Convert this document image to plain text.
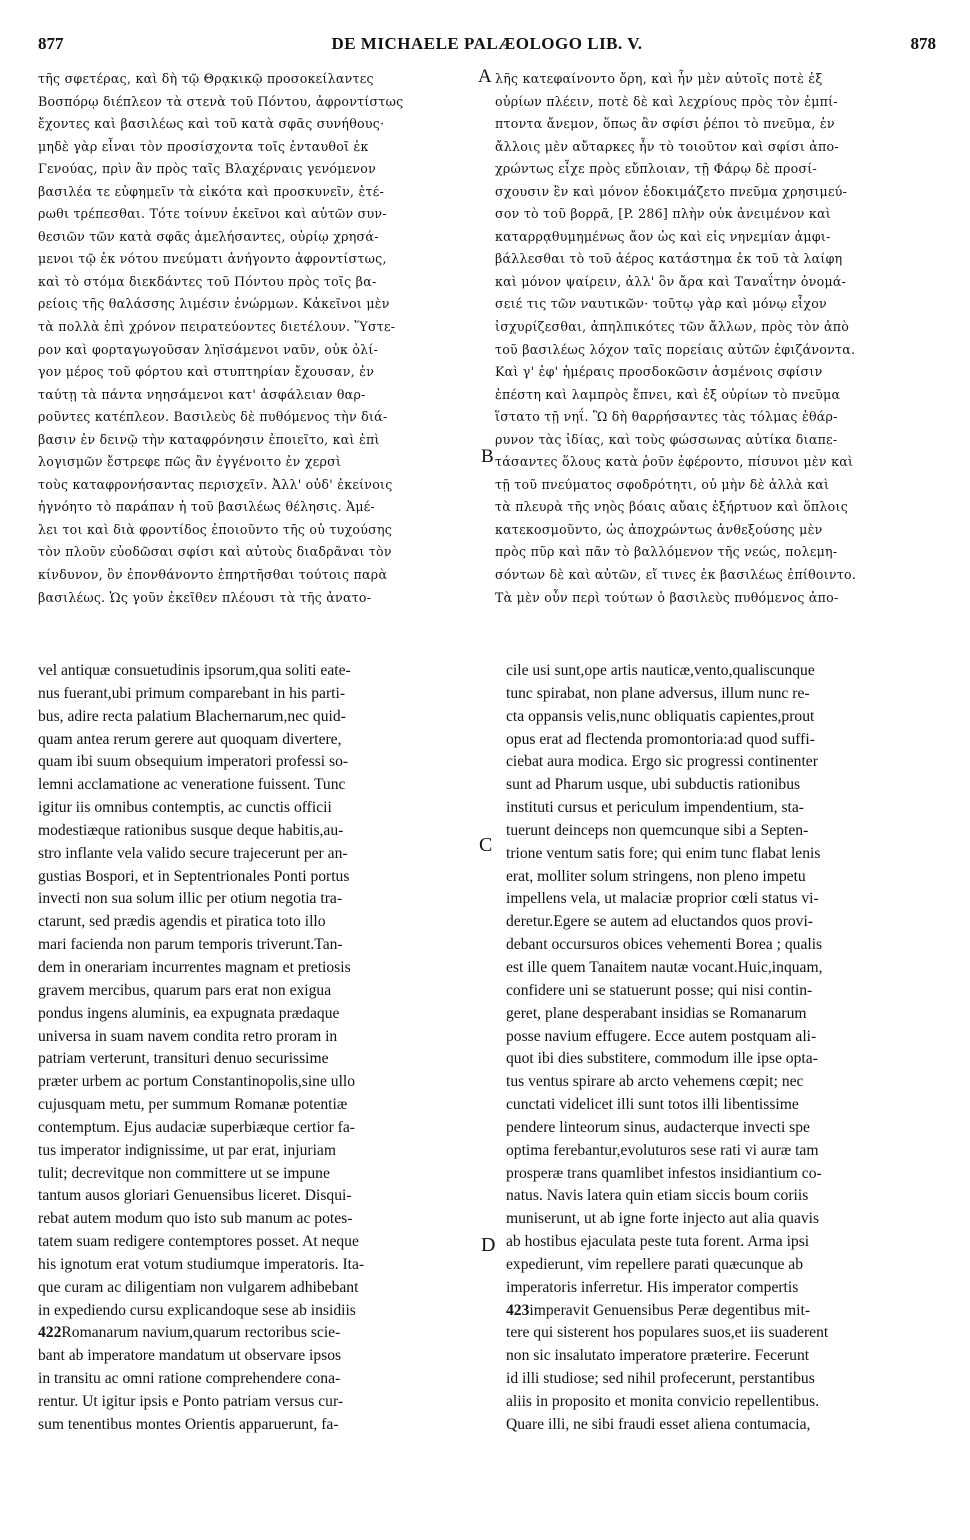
877	DE MICHAELE PALÆOLOGO LIB. V.	878
A
B
C
D
τῆς σφετέρας, καὶ δὴ τῷ Θρᾳκικῷ προσοκείλαντες
Βοσπόρῳ διέπλεον τὰ στενὰ τοῦ Πόντου, ἀφροντίστως
ἔχοντες καὶ βασιλέως καὶ τοῦ κατὰ σφᾶς συνήθους·
μηδὲ γὰρ εἶναι τὸν προσίσχοντα τοῖς ἐνταυθοῖ ἐκ
Γενούας, πρὶν ἂν πρὸς ταῖς Βλαχέρναις γενόμενον
βασιλέα τε εὐφημεῖν τὰ εἰκότα καὶ προσκυνεῖν, ἑτέ-
ρωθι τρέπεσθαι. Τότε τοίνυν ἐκεῖνοι καὶ αὐτῶν συν-
θεσιῶν τῶν κατὰ σφᾶς ἀμελήσαντες, οὐρίῳ χρησά-
μενοι τῷ ἐκ νότου πνεύματι ἀνήγοντο ἀφροντίστως,
καὶ τὸ στόμα διεκδάντες τοῦ Πόντου πρὸς τοῖς βα-
ρείοις τῆς θαλάσσης λιμέσιν ἐνώρμων. Κἀκεῖνοι μὲν
τὰ πολλὰ ἐπὶ χρόνον πειρατεύοντες διετέλουν. Ὕστε-
ρον καὶ φορταγωγοῦσαν ληϊσάμενοι ναῦν, οὐκ ὀλί-
γον μέρος τοῦ φόρτου καὶ στυπτηρίαν ἔχουσαν, ἐν
ταύτῃ τὰ πάντα νηησάμενοι κατ' ἀσφάλειαν θαρ-
ροῦντες κατέπλεον. Βασιλεὺς δὲ πυθόμενος τὴν διά-
βασιν ἐν δεινῷ τὴν καταφρόνησιν ἐποιεῖτο, καὶ ἐπὶ
λογισμῶν ἔστρεφε πῶς ἂν ἐγγένοιτο ἐν χερσὶ
τοὺς καταφρονήσαντας περισχεῖν. Ἀλλ' οὐδ' ἐκείνοις
ἠγνόητο τὸ παράπαν ἡ τοῦ βασιλέως θέλησις. Ἀμέ-
λει τοι καὶ διὰ φροντίδος ἐποιοῦντο τῆς οὐ τυχούσης
τὸν πλοῦν εὐοδῶσαι σφίσι καὶ αὐτοὺς διαδρᾶναι τὸν
κίνδυνον, ὃν ἐπονθάνοντο ἐπηρτῆσθαι τούτοις παρὰ
βασιλέως. Ὡς γοῦν ἐκεῖθεν πλέουσι τὰ τῆς ἀνατο-
λῆς κατεφαίνοντο ὄρη, καὶ ἦν μὲν αὐτοῖς ποτὲ ἐξ
οὐρίων πλέειν, ποτὲ δὲ καὶ λεχρίους πρὸς τὸν ἐμπί-
πτοντα ἄνεμον, ὅπως ἂν σφίσι ῥέποι τὸ πνεῦμα, ἐν
ἄλλοις μὲν αὔταρκες ἦν τὸ τοιοῦτον καὶ σφίσι ἀπο-
χρώντως εἶχε πρὸς εὔπλοιαν, τῇ Φάρῳ δὲ προσί-
σχουσιν ἓν καὶ μόνον ἐδοκιμάζετο πνεῦμα χρησιμεύ-
σον τὸ τοῦ βορρᾶ, [P. 286] πλὴν οὐκ ἀνειμένον καὶ
καταρρᾳθυμημένως ἄον ὡς καὶ εἰς νηνεμίαν ἀμφι-
βάλλεσθαι τὸ τοῦ ἀέρος κατάστημα ἐκ τοῦ τὰ λαίφη
καὶ μόνον ψαίρειν, ἀλλ' ὃν ἄρα καὶ Ταναΐτην ὀνομά-
σειέ τις τῶν ναυτικῶν· τοῦτῳ γὰρ καὶ μόνῳ εἶχον
ἰσχυρίζεσθαι, ἀπηλπικότες τῶν ἄλλων, πρὸς τὸν ἀπὸ
τοῦ βασιλέως λόχον ταῖς πορείαις αὐτῶν ἐφιζάνοντα.
Καὶ γ' ἐφ' ἡμέραις προσδοκῶσιν ἀσμένοις σφίσιν
ἐπέστη καὶ λαμπρὸς ἔπνει, καὶ ἐξ οὐρίων τὸ πνεῦμα
ἵστατο τῇ νηΐ. Ὣ δὴ θαρρήσαντες τὰς τόλμας ἐθάρ-
ρυνον τὰς ἰδίας, καὶ τοὺς φώσσωνας αὐτίκα διαπε-
τάσαντες ὅλους κατὰ ῥοῦν ἐφέροντο, πίσυνοι μὲν καὶ
τῇ τοῦ πνεύματος σφοδρότητι, οὐ μὴν δὲ ἀλλὰ καὶ
τὰ πλευρὰ τῆς νηὸς βόαις αὔαις ἐξήρτυον καὶ ὅπλοις
κατεκοσμοῦντο, ὡς ἀποχρώντως ἀνθεξούσης μὲν
πρὸς πῦρ καὶ πᾶν τὸ βαλλόμενον τῆς νεώς, πολεμη-
σόντων δὲ καὶ αὐτῶν, εἴ τινες ἐκ βασιλέως ἐπίθοιντο.
Τὰ μὲν οὖν περὶ τούτων ὁ βασιλεὺς πυθόμενος ἀπο-
vel antiquæ consuetudinis ipsorum,qua soliti eate-
nus fuerant,ubi primum comparebant in his parti-
bus, adire recta palatium Blachernarum,nec quid-
quam antea rerum gerere aut quoquam divertere,
quam ibi suum obsequium imperatori professi so-
lemni acclamatione ac veneratione fuissent. Tunc
igitur iis omnibus contemptis, ac cunctis officii
modestiæque rationibus susque deque habitis,au-
stro inflante vela valido secure trajecerunt per an-
gustias Bospori, et in Septentrionales Ponti portus
invecti non sua solum illic per otium negotia tra-
ctarunt, sed prædis agendis et piratica toto illo
mari facienda non parum temporis triverunt.Tan-
dem in onerariam incurrentes magnam et pretiosis
gravem mercibus, quarum pars erat non exigua
pondus ingens aluminis, ea expugnata prædaque
universa in suam navem condita retro proram in
patriam verterunt, transituri denuo securissime
præter urbem ac portum Constantinopolis,sine ullo
cujusquam metu, per summum Romanæ potentiæ
contemptum. Ejus audaciæ superbiæque certior fa-
tus imperator indignissime, ut par erat, injuriam
tulit; decrevitque non committere ut se impune
tantum ausos gloriari Genuensibus liceret. Disqui-
rebat autem modum quo isto sub manum ac potes-
tatem suam redigere contemptores posset. At neque
his ignotum erat votum studiumque imperatoris. Ita-
que curam ac diligentiam non vulgarem adhibebant
in expediendo cursu explicandoque sese ab insidiis
422Romanarum navium,quarum rectoribus scie-
bant ab imperatore mandatum ut observare ipsos
in transitu ac omni ratione comprehendere cona-
rentur. Ut igitur ipsis e Ponto patriam versus cur-
sum tenentibus montes Orientis apparuerunt, fa-
cile usi sunt,ope artis nauticæ,vento,qualiscunque
tunc spirabat, non plane adversus, illum nunc re-
cta oppansis velis,nunc obliquatis capientes,prout
opus erat ad flectenda promontoria:ad quod suffi-
ciebat aura modica. Ergo sic progressi continenter
sunt ad Pharum usque, ubi subductis rationibus
instituti cursus et periculum impendentium, sta-
tuerunt deinceps non quemcunque sibi a Septen-
trione ventum satis fore; qui enim tunc flabat lenis
erat, molliter solum stringens, non pleno impetu
impellens vela, ut malaciæ proprior cœli status vi-
deretur.Egere se autem ad eluctandos quos provi-
debant occursuros obices vehementi Borea ; qualis
est ille quem Tanaitem nautæ vocant.Huic,inquam,
confidere uni se statuerunt posse; qui nisi contin-
geret, plane desperabant insidias se Romanarum
posse navium effugere. Ecce autem postquam ali-
quot ibi dies substitere, commodum ille ipse opta-
tus ventus spirare ab arcto vehemens cœpit; nec
cunctati videlicet illi sunt totos illi libentissime
pendere linteorum sinus, audacterque invecti spe
optima ferebantur,evoluturos sese rati vi auræ tam
prosperæ trans quamlibet infestos insidiantium co-
natus. Navis latera quin etiam siccis boum coriis
muniserunt, ut ab igne forte injecto aut alia quavis
ab hostibus ejaculata peste tuta forent. Arma ipsi
expedierunt, vim repellere parati quæcunque ab
imperatoris inferretur. His imperator compertis
423imperavit Genuensibus Peræ degentibus mit-
tere qui sisterent hos populares suos,et iis suaderent
non sic insalutato imperatore præterire. Fecerunt
id illi studiose; sed nihil profecerunt, perstantibus
aliis in proposito et monita convicio repellentibus.
Quare illi, ne sibi fraudi esset aliena contumacia,
